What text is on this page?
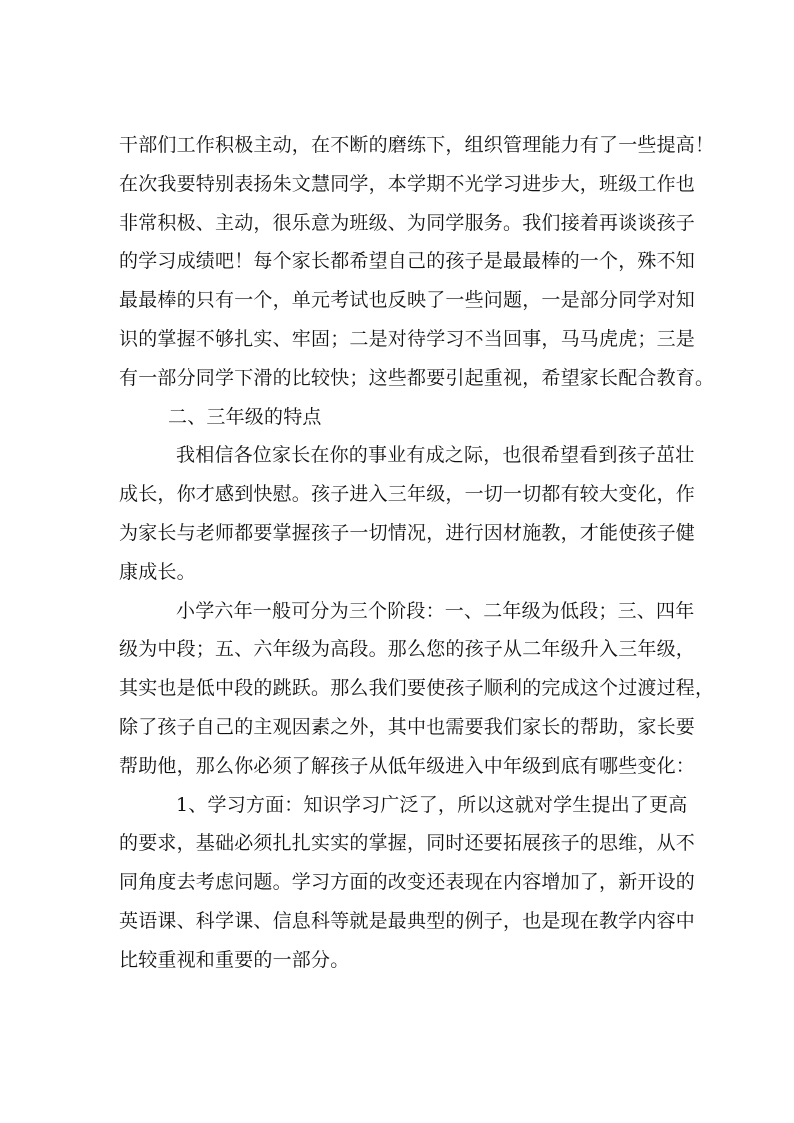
干部们工作积极主动，在不断的磨练下，组织管理能力有了一些提高！
在次我要特别表扬朱文慧同学，本学期不光学习进步大，班级工作也
非常积极、主动，很乐意为班级、为同学服务。我们接着再谈谈孩子
的学习成绩吧！每个家长都希望自己的孩子是最最棒的一个，殊不知
最最棒的只有一个，单元考试也反映了一些问题，一是部分同学对知
识的掌握不够扎实、牢固；二是对待学习不当回事，马马虎虎；三是
有一部分同学下滑的比较快；这些都要引起重视，希望家长配合教育。
二、三年级的特点
我相信各位家长在你的事业有成之际，也很希望看到孩子茁壮
成长，你才感到快慰。孩子进入三年级，一切一切都有较大变化，作
为家长与老师都要掌握孩子一切情况，进行因材施教，才能使孩子健
康成长。
小学六年一般可分为三个阶段：一、二年级为低段；三、四年
级为中段；五、六年级为高段。那么您的孩子从二年级升入三年级，
其实也是低中段的跳跃。那么我们要使孩子顺利的完成这个过渡过程，
除了孩子自己的主观因素之外，其中也需要我们家长的帮助，家长要
帮助他，那么你必须了解孩子从低年级进入中年级到底有哪些变化：
1、学习方面：知识学习广泛了，所以这就对学生提出了更高
的要求，基础必须扎扎实实的掌握，同时还要拓展孩子的思维，从不
同角度去考虑问题。学习方面的改变还表现在内容增加了，新开设的
英语课、科学课、信息科等就是最典型的例子，也是现在教学内容中
比较重视和重要的一部分。
